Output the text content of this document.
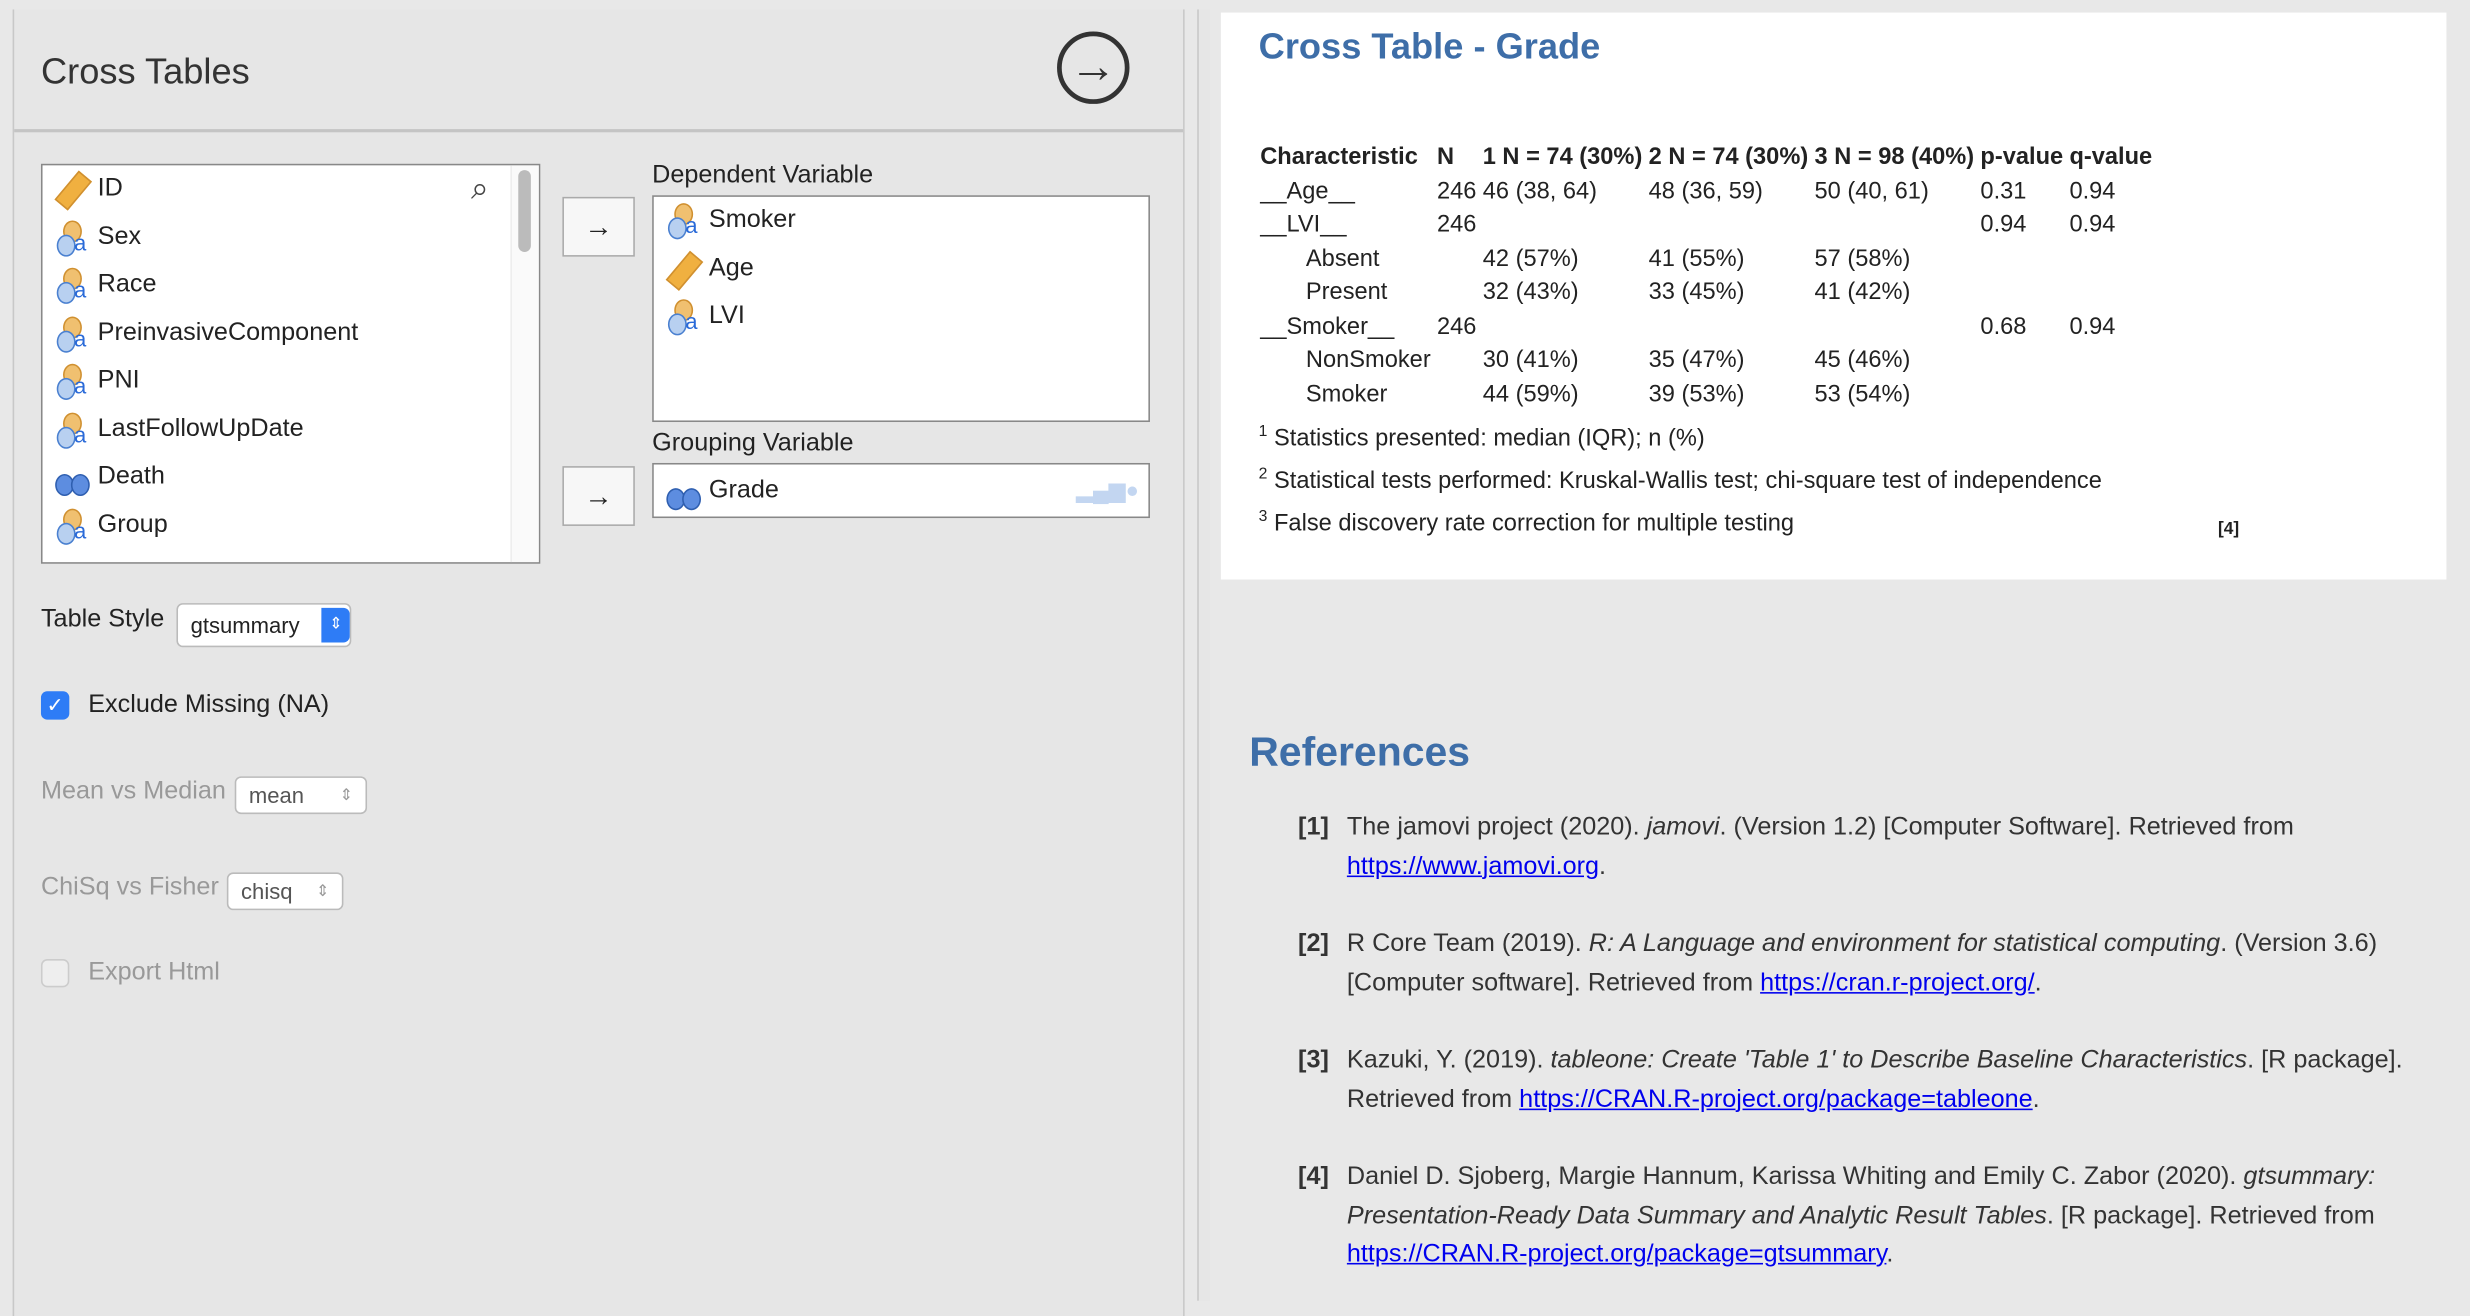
Cross Tables	→
ID
a Sex
a Race
a PreinvasiveComponent
a PNI
a LastFollowUpDate
Death
a Group
⌕
→
Dependent Variable
a Smoker
Age
a LVI
Grouping Variable
→	Grade	▂▄▆●
Table Style gtsummary	⇕
✓	Exclude Missing (NA)
Mean vs Median mean	⇕
ChiSq vs Fisher chisq ⇕
Export Html
Cross Table - Grade
Characteristic	N	1 N = 74 (30%)	2 N = 74 (30%)	3 N = 98 (40%)	p-value	q-value
__Age__	246	46 (38, 64)	48 (36, 59)	50 (40, 61)	0.31	0.94
__LVI__	246				0.94	0.94
Absent		42 (57%)	41 (55%)	57 (58%)		
Present		32 (43%)	33 (45%)	41 (42%)		
__Smoker__	246				0.68	0.94
NonSmoker		30 (41%)	35 (47%)	45 (46%)		
Smoker		44 (59%)	39 (53%)	53 (54%)		
$^1$ Statistics presented: median (IQR); n (%)
$^2$ Statistical tests performed: Kruskal-Wallis test; chi-square test of independence
$^3$ False discovery rate correction for multiple testing	[4]
References
[1]	The jamovi project (2020). jamovi. (Version 1.2) [Computer Software]. Retrieved from https://www.jamovi.org.
[2]	R Core Team (2019). R: A Language and environment for statistical computing. (Version 3.6) [Computer software]. Retrieved from https://cran.r-project.org/.
[3]	Kazuki, Y. (2019). tableone: Create 'Table 1' to Describe Baseline Characteristics. [R package]. Retrieved from https://CRAN.R-project.org/package=tableone.
[4]	Daniel D. Sjoberg, Margie Hannum, Karissa Whiting and Emily C. Zabor (2020). gtsummary: Presentation-Ready Data Summary and Analytic Result Tables. [R package]. Retrieved from https://CRAN.R-project.org/package=gtsummary.
